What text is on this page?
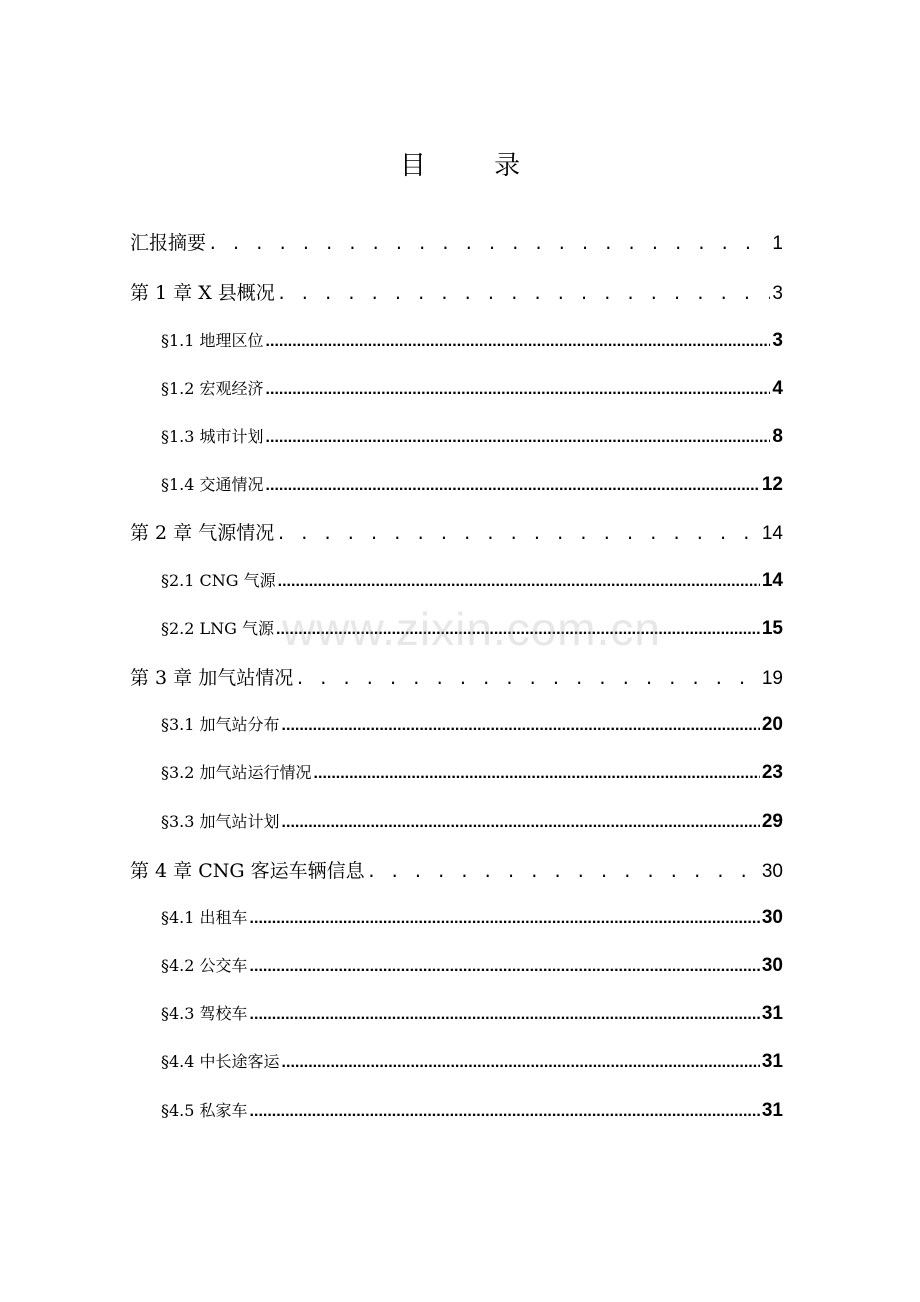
目 录
汇报摘要 . . .	1
第 1 章 X 县概况 . . .	3
§1.1 地理区位 .....	3
§1.2 宏观经济 .....	4
§1.3 城市计划 .....	8
§1.4 交通情况 .....	12
第 2 章 气源情况 . . .	14
§2.1 CNG 气源 .....	14
§2.2 LNG 气源 .....	15
第 3 章 加气站情况 . . .	19
§3.1 加气站分布 .....	20
§3.2 加气站运行情况 .....	23
§3.3 加气站计划 .....	29
第 4 章 CNG 客运车辆信息 . . .	30
§4.1 出租车 .....	30
§4.2 公交车 .....	30
§4.3 驾校车 .....	31
§4.4 中长途客运 .....	31
§4.5 私家车 .....	31
www.zixin.com.cn
